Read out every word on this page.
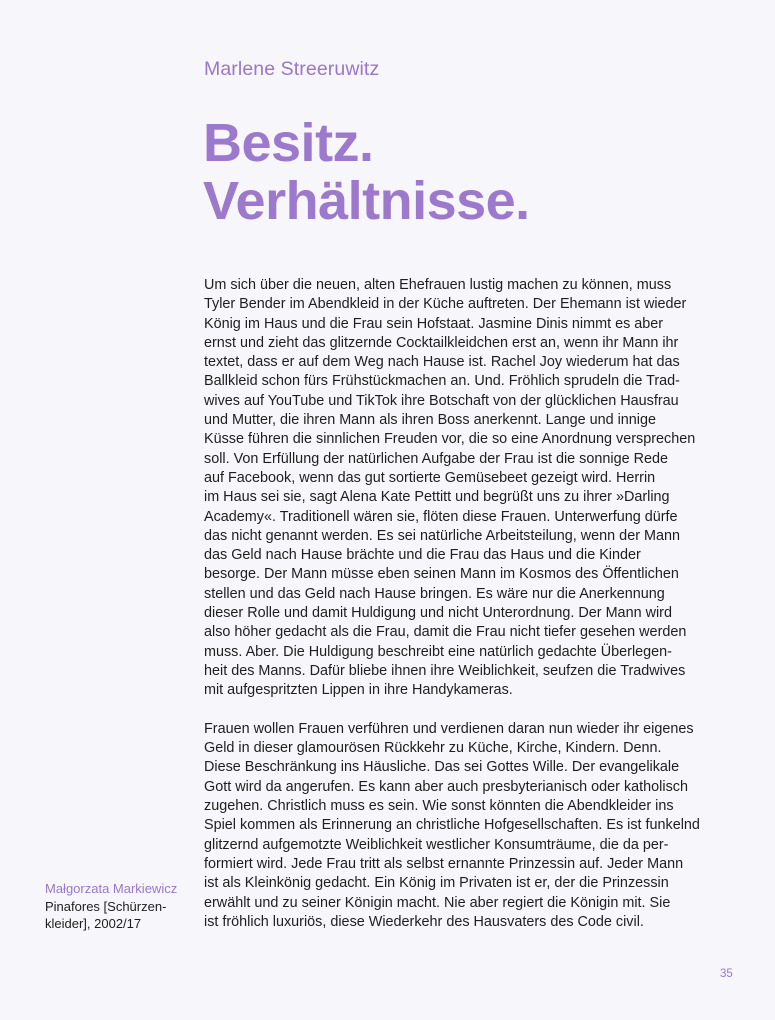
Marlene Streeruwitz
Besitz.
Verhältnisse.
Um sich über die neuen, alten Ehefrauen lustig machen zu können, muss
Tyler Bender im Abendkleid in der Küche auftreten. Der Ehemann ist wieder
König im Haus und die Frau sein Hofstaat. Jasmine Dinis nimmt es aber
ernst und zieht das glitzernde Cocktailkleidchen erst an, wenn ihr Mann ihr
textet, dass er auf dem Weg nach Hause ist. Rachel Joy wiederum hat das
Ballkleid schon fürs Frühstückmachen an. Und. Fröhlich sprudeln die Trad-
wives auf YouTube und TikTok ihre Botschaft von der glücklichen Hausfrau
und Mutter, die ihren Mann als ihren Boss anerkennt. Lange und innige
Küsse führen die sinnlichen Freuden vor, die so eine Anordnung versprechen
soll. Von Erfüllung der natürlichen Aufgabe der Frau ist die sonnige Rede
auf Facebook, wenn das gut sortierte Gemüsebeet gezeigt wird. Herrin
im Haus sei sie, sagt Alena Kate Pettitt und begrüßt uns zu ihrer »Darling
Academy«. Traditionell wären sie, flöten diese Frauen. Unterwerfung dürfe
das nicht genannt werden. Es sei natürliche Arbeitsteilung, wenn der Mann
das Geld nach Hause brächte und die Frau das Haus und die Kinder
besorge. Der Mann müsse eben seinen Mann im Kosmos des Öffentlichen
stellen und das Geld nach Hause bringen. Es wäre nur die Anerkennung
dieser Rolle und damit Huldigung und nicht Unterordnung. Der Mann wird
also höher gedacht als die Frau, damit die Frau nicht tiefer gesehen werden
muss. Aber. Die Huldigung beschreibt eine natürlich gedachte Überlegen-
heit des Manns. Dafür bliebe ihnen ihre Weiblichkeit, seufzen die Tradwives
mit aufgespritzten Lippen in ihre Handykameras.
Frauen wollen Frauen verführen und verdienen daran nun wieder ihr eigenes
Geld in dieser glamourösen Rückkehr zu Küche, Kirche, Kindern. Denn.
Diese Beschränkung ins Häusliche. Das sei Gottes Wille. Der evangelikale
Gott wird da angerufen. Es kann aber auch presbyterianisch oder katholisch
zugehen. Christlich muss es sein. Wie sonst könnten die Abendkleider ins
Spiel kommen als Erinnerung an christliche Hofgesellschaften. Es ist funkelnd
glitzernd aufgemotzte Weiblichkeit westlicher Konsumträume, die da per-
formiert wird. Jede Frau tritt als selbst ernannte Prinzessin auf. Jeder Mann
ist als Kleinkönig gedacht. Ein König im Privaten ist er, der die Prinzessin
erwählt und zu seiner Königin macht. Nie aber regiert die Königin mit. Sie
ist fröhlich luxuriös, diese Wiederkehr des Hausvaters des Code civil.
Małgorzata Markiewicz
Pinafores [Schürzen-
kleider], 2002/17
35
